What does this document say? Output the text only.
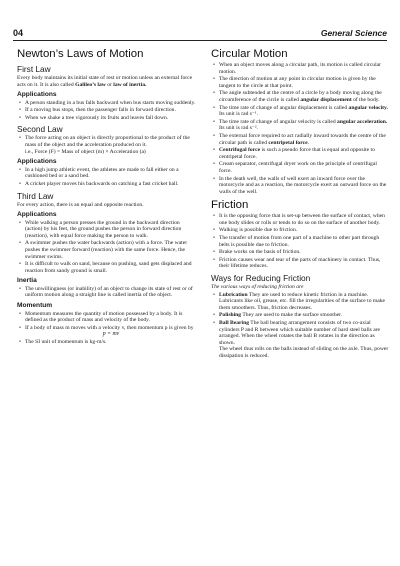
04	General Science
Newton’s Laws of Motion
First Law

Every body maintains its initial state of rest or motion unless an external force acts on it. It is also called Galileo’s law or law of inertia.

Applications
• A person standing in a bus falls backward when bus starts moving suddenly.
• If a moving bus stops, then the passenger falls in forward direction.
• When we shake a tree vigorously its fruits and leaves fall down.
Second Law
• The force acting on an object is directly proportional to the product of the mass of the object and the acceleration produced on it.
i.e., Force (F) = Mass of object (m) × Acceleration (a)
Applications
• In a high jump athletic event, the athletes are made to fall either on a cushioned bed or a sand bed.
• A cricket player moves his backwards on catching a fast cricket ball.
Third Law

For every action, there is an equal and opposite reaction.

Applications
• While walking a person presses the ground in the backward direction (action) by his feet, the ground pushes the person in forward direction (reaction), with equal force making the person to walk.
• A swimmer pushes the water backwards (action) with a force. The water pushes the swimmer forward (reaction) with the same force. Hence, the swimmer swims.
• It is difficult to walk on sand, because on pushing, sand gets displaced and reaction from sandy ground is small.
Inertia
• The unwillingness (or inability) of an object to change its state of rest or of uniform motion along a straight line is called inertia of the object.
Momentum
• Momentum measures the quantity of motion possessed by a body. It is defined as the product of mass and velocity of the body.
• If a body of mass m moves with a velocity v, then momentum p is given by
p = mv
• The SI unit of momentum is kg-m/s.
Circular Motion
• When an object moves along a circular path, its motion is called circular motion.
• The direction of motion at any point in circular motion is given by the tangent to the circle at that point.
• The angle subtended at the centre of a circle by a body moving along the circumference of the circle is called angular displacement of the body.
• The time rate of change of angular displacement is called angular velocity. Its unit is rad s⁻¹.
• The time rate of change of angular velocity is called angular acceleration. Its unit is rad s⁻².
• The external force required to act radially inward towards the centre of the circular path is called centripetal force.
• Centrifugal force is such a pseudo force that is equal and opposite to centripetal force.
• Cream separator, centrifugal dryer work on the principle of centrifugal force.
• In the death well, the walls of well exert an inward force over the motorcycle and as a reaction, the motorcycle exert an outward force on the walls of the well.
Friction
• It is the opposing force that is set-up between the surface of contact, when one body slides or rolls or tends to do so on the surface of another body.
• Walking is possible due to friction.
• The transfer of motion from one part of a machine to other part through belts is possible due to friction.
• Brake works on the basis of friction.
• Friction causes wear and tear of the parts of machinery in contact. Thus, their lifetime reduces.
Ways for Reducing Friction

The various ways of reducing friction are

• Lubrication They are used to reduce kinetic friction in a machine. Lubricants like oil, grease, etc. fill the irregularities of the surface to make them smoothers. Thus, friction decreases.
• Polishing They are used to make the surface smoother.
• Ball Bearing The ball bearing arrangement consists of two co-axial cylinders P and R between which suitable number of hard steel balls are arranged. When the wheel rotates the ball B rotates in the direction as shown.
The wheel thus rolls on the balls instead of sliding on the axle. Thus, power dissipation is reduced.
